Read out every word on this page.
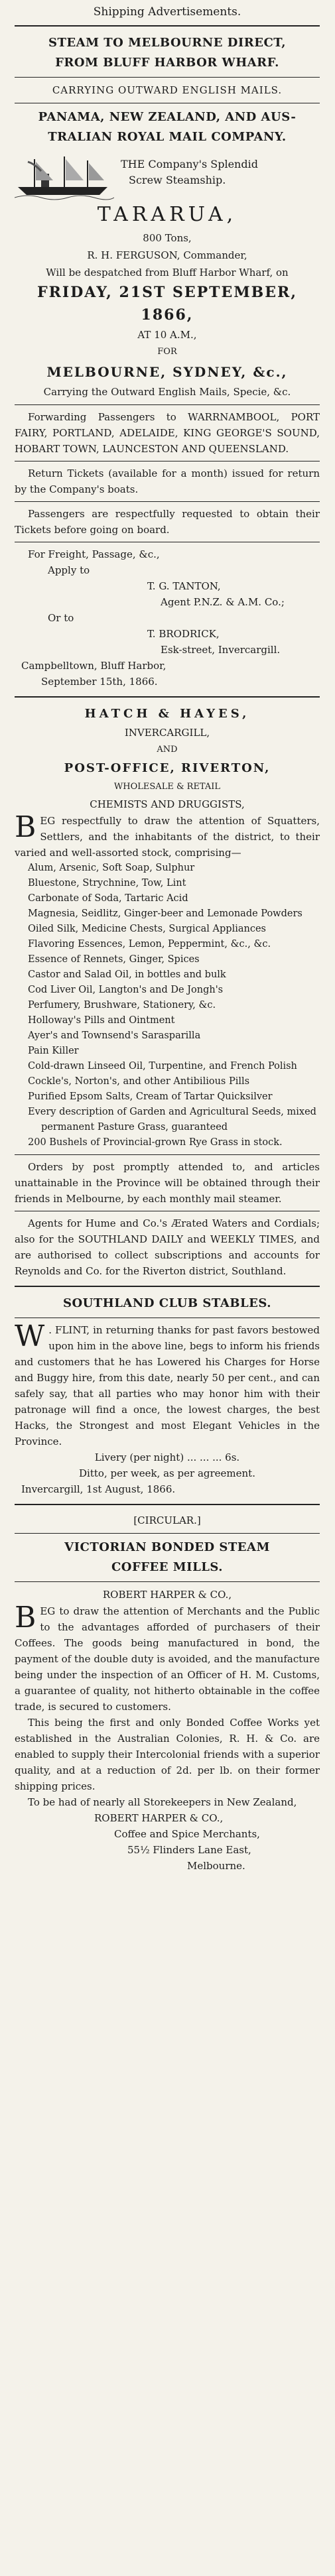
Shipping Advertisements.
STEAM TO MELBOURNE DIRECT,
FROM BLUFF HARBOR WHARF.
CARRYING OUTWARD ENGLISH MAILS.
PANAMA, NEW ZEALAND, AND AUS-
TRALIAN ROYAL MAIL COMPANY.
THE Company's Splendid
Screw Steamship.
TARARUA,
800 Tons,
R. H. FERGUSON, Commander,
Will be despatched from Bluff Harbor Wharf, on
FRIDAY, 21ST SEPTEMBER, 1866,
AT 10 A.M.,
FOR
MELBOURNE, SYDNEY, &c.,
Carrying the Outward English Mails, Specie, &c.
Forwarding Passengers to WARRNAMBOOL, PORT FAIRY, PORTLAND, ADELAIDE, KING GEORGE'S SOUND, HOBART TOWN, LAUNCESTON AND QUEENSLAND.
Return Tickets (available for a month) issued for return by the Company's boats.
Passengers are respectfully requested to obtain their Tickets before going on board.
For Freight, Passage, &c.,
Apply to
T. G. TANTON,
Agent P.N.Z. & A.M. Co.;
Or to
T. BRODRICK,
Esk-street, Invercargill.
Campbelltown, Bluff Harbor,
September 15th, 1866.
HATCH & HAYES,
INVERCARGILL,
AND
POST-OFFICE, RIVERTON,
WHOLESALE & RETAIL
CHEMISTS AND DRUGGISTS,
BEG respectfully to draw the attention of Squatters, Settlers, and the inhabitants of the district, to their varied and well-assorted stock, comprising—
Alum, Arsenic, Soft Soap, Sulphur
Bluestone, Strychnine, Tow, Lint
Carbonate of Soda, Tartaric Acid
Magnesia, Seidlitz, Ginger-beer and Lemonade Powders
Oiled Silk, Medicine Chests, Surgical Appliances
Flavoring Essences, Lemon, Peppermint, &c., &c.
Essence of Rennets, Ginger, Spices
Castor and Salad Oil, in bottles and bulk
Cod Liver Oil, Langton's and De Jongh's
Perfumery, Brushware, Stationery, &c.
Holloway's Pills and Ointment
Ayer's and Townsend's Sarasparilla
Pain Killer
Cold-drawn Linseed Oil, Turpentine, and French Polish
Cockle's, Norton's, and other Antibilious Pills
Purified Epsom Salts, Cream of Tartar Quicksilver
Every description of Garden and Agricultural Seeds, mixed permanent Pasture Grass, guaranteed
200 Bushels of Provincial-grown Rye Grass in stock.
Orders by post promptly attended to, and articles unattainable in the Province will be obtained through their friends in Melbourne, by each monthly mail steamer.
Agents for Hume and Co.'s Ærated Waters and Cordials; also for the SOUTHLAND DAILY and WEEKLY TIMES, and are authorised to collect subscriptions and accounts for Reynolds and Co. for the Riverton district, Southland.
SOUTHLAND CLUB STABLES.
W . FLINT, in returning thanks for past favors bestowed upon him in the above line, begs to inform his friends and customers that he has Lowered his Charges for Horse and Buggy hire, from this date, nearly 50 per cent., and can safely say, that all parties who may honor him with their patronage will find a once, the lowest charges, the best Hacks, the Strongest and most Elegant Vehicles in the Province.
Livery (per night) ... ... ... 6s.
Ditto, per week, as per agreement.
Invercargill, 1st August, 1866.
[CIRCULAR.]
VICTORIAN BONDED STEAM
COFFEE MILLS.
ROBERT HARPER & CO.,
BEG to draw the attention of Merchants and the Public to the advantages afforded of purchasers of their Coffees. The goods being manufactured in bond, the payment of the double duty is avoided, and the manufacture being under the inspection of an Officer of H. M. Customs, a guarantee of quality, not hitherto obtainable in the coffee trade, is secured to customers.
This being the first and only Bonded Coffee Works yet established in the Australian Colonies, R. H. & Co. are enabled to supply their Intercolonial friends with a superior quality, and at a reduction of 2d. per lb. on their former shipping prices.
To be had of nearly all Storekeepers in New Zealand,
ROBERT HARPER & CO.,
Coffee and Spice Merchants,
55½ Flinders Lane East,
Melbourne.
